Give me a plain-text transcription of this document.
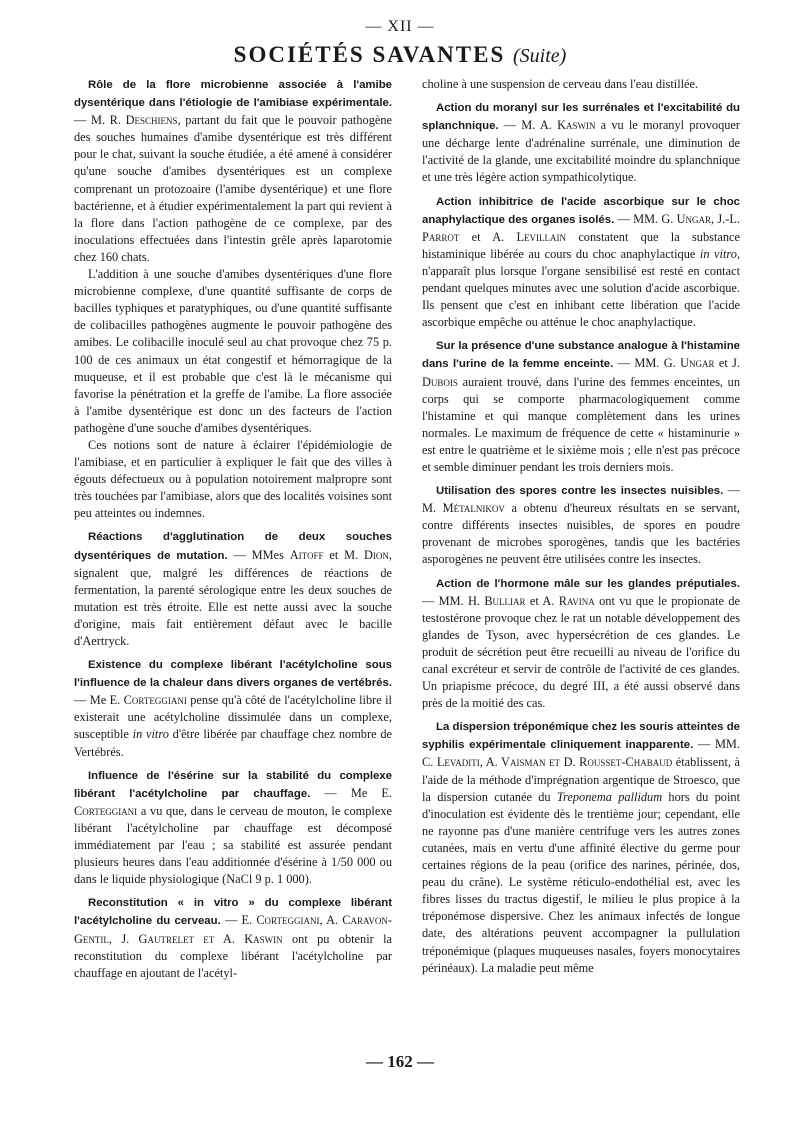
— XII —
SOCIÉTÉS SAVANTES (Suite)

Rôle de la flore microbienne associée à l'amibe dysentérique dans l'étiologie de l'amibiase expérimentale. — M. R. Deschiens, partant du fait que le pouvoir pathogène des souches humaines d'amibe dysentérique est très différent pour le chat, suivant la souche étudiée, a été amené à considérer qu'une souche d'amibes dysentériques est un complexe comprenant un protozoaire (l'amibe dysentérique) et une flore bactérienne, et à étudier expérimentalement la part qui revient à la flore dans l'action pathogène de ce complexe, par des inoculations effectuées dans l'intestin grêle après laparotomie chez 160 chats.

L'addition à une souche d'amibes dysentériques d'une flore microbienne complexe, d'une quantité suffisante de corps de bacilles typhiques et paratyphiques, ou d'une quantité suffisante de colibacilles pathogènes augmente le pouvoir pathogène des amibes. Le colibacille inoculé seul au chat provoque chez 75 p. 100 de ces animaux un état congestif et hémorragique de la muqueuse, et il est probable que c'est là le mécanisme qui favorise la pénétration et la greffe de l'amibe. La flore associée à l'amibe dysentérique est donc un des facteurs de l'action pathogène d'une souche d'amibes dysentériques.

Ces notions sont de nature à éclairer l'épidémiologie de l'amibiase, et en particulier à expliquer le fait que des villes à égouts défectueux ou à population notoirement malpropre sont très touchées par l'amibiase, alors que des localités voisines sont peu atteintes ou indemnes.

Réactions d'agglutination de deux souches dysentériques de mutation. — MMes Aitoff et M. Dion, signalent que, malgré les différences de réactions de fermentation, la parenté sérologique entre les deux souches de mutation est très étroite. Elle est nette aussi avec la souche d'origine, mais fait entièrement défaut avec le bacille d'Aertryck.

Existence du complexe libérant l'acétylcholine sous l'influence de la chaleur dans divers organes de vertébrés. — Me E. Corteggiani pense qu'à côté de l'acétylcholine libre il existerait une acétylcholine dissimulée dans un complexe, susceptible in vitro d'être libérée par chauffage chez nombre de Vertébrés.

Influence de l'ésérine sur la stabilité du complexe libérant l'acétylcholine par chauffage. — Me E. Corteggiani a vu que, dans le cerveau de mouton, le complexe libérant l'acétylcholine par chauffage est décomposé immédiatement par l'eau ; sa stabilité est assurée pendant plusieurs heures dans l'eau additionnée d'ésérine à 1/50 000 ou dans le liquide physiologique (NaCl 9 p. 1 000).

Reconstitution « in vitro » du complexe libérant l'acétylcholine du cerveau. — E. Corteggiani, A. Caravon-Gentil, J. Gautrelet et A. Kaswin ont pu obtenir la reconstitution du complexe libérant l'acétylcholine par chauffage en ajoutant de l'acétyl-

choline à une suspension de cerveau dans l'eau distillée.

Action du moranyl sur les surrénales et l'excitabilité du splanchnique. — M. A. Kaswin a vu le moranyl provoquer une décharge lente d'adrénaline surrénale, une diminution de l'activité de la glande, une excitabilité moindre du splanchnique et une très légère action sympathicolytique.

Action inhibitrice de l'acide ascorbique sur le choc anaphylactique des organes isolés. — MM. G. Ungar, J.-L. Parrot et A. Levillain constatent que la substance histaminique libérée au cours du choc anaphylactique in vitro, n'apparaît plus lorsque l'organe sensibilisé est resté en contact pendant quelques minutes avec une solution d'acide ascorbique. Ils pensent que c'est en inhibant cette libération que l'acide ascorbique empêche ou atténue le choc anaphylactique.

Sur la présence d'une substance analogue à l'histamine dans l'urine de la femme enceinte. — MM. G. Ungar et J. Dubois auraient trouvé, dans l'urine des femmes enceintes, un corps qui se comporte pharmacologiquement comme l'histamine et qui manque complètement dans les urines normales. Le maximum de fréquence de cette « histaminurie » est entre le quatrième et le sixième mois ; elle n'est pas précoce et semble diminuer pendant les trois derniers mois.

Utilisation des spores contre les insectes nuisibles. — M. Métalnikov a obtenu d'heureux résultats en se servant, contre différents insectes nuisibles, de spores en poudre provenant de microbes sporogènes, tandis que les bactéries asporogènes ne peuvent être utilisées contre les insectes.

Action de l'hormone mâle sur les glandes préputiales. — MM. H. Bulliar et A. Ravina ont vu que le propionate de testostérone provoque chez le rat un notable développement des glandes de Tyson, avec hypersécrétion de ces glandes. Le produit de sécrétion peut être recueilli au niveau de l'orifice du canal excréteur et servir de contrôle de l'activité de ces glandes. Un priapisme précoce, du degré III, a été aussi observé dans près de la moitié des cas.

La dispersion tréponémique chez les souris atteintes de syphilis expérimentale cliniquement inapparente. — MM. C. Levaditi, A. Vaisman et D. Rousset-Chabaud établissent, à l'aide de la méthode d'imprégnation argentique de Stroesco, que la dispersion cutanée du Treponema pallidum hors du point d'inoculation est évidente dès le trentième jour; cependant, elle ne rayonne pas d'une manière centrifuge vers les autres zones cutanées, mais en vertu d'une affinité élective du germe pour certaines régions de la peau (orifice des narines, périnée, dos, peau du crâne). Le système réticulo-endothélial est, avec les fibres lisses du tractus digestif, le milieu le plus propice à la tréponémose dispersive. Chez les animaux infectés de longue date, des altérations peuvent accompagner la pullulation tréponémique (plaques muqueuses nasales, foyers monocytaires périnéaux). La maladie peut même

— 162 —
